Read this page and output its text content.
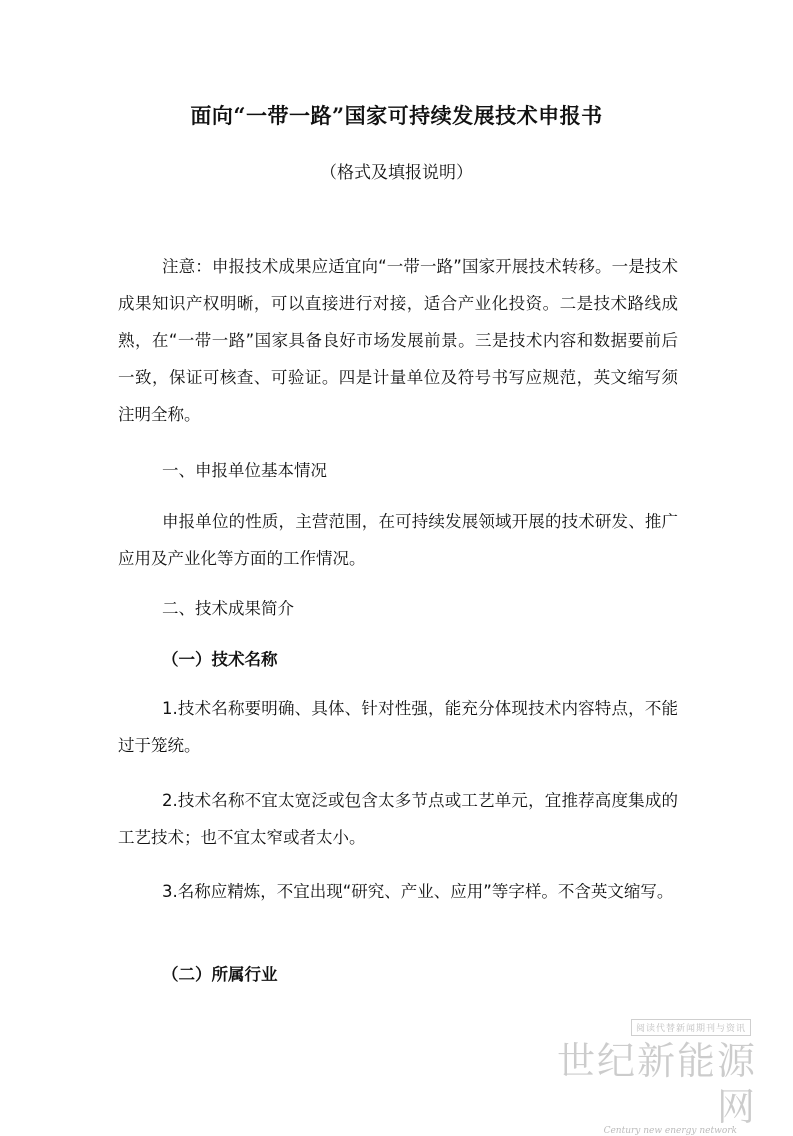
面向“一带一路”国家可持续发展技术申报书
（格式及填报说明）
注意：申报技术成果应适宜向“一带一路”国家开展技术转移。一是技术成果知识产权明晰，可以直接进行对接，适合产业化投资。二是技术路线成熟，在“一带一路”国家具备良好市场发展前景。三是技术内容和数据要前后一致，保证可核查、可验证。四是计量单位及符号书写应规范，英文缩写须注明全称。
一、申报单位基本情况
申报单位的性质，主营范围，在可持续发展领域开展的技术研发、推广应用及产业化等方面的工作情况。
二、技术成果简介
（一）技术名称
1.技术名称要明确、具体、针对性强，能充分体现技术内容特点，不能过于笼统。
2.技术名称不宜太宽泛或包含太多节点或工艺单元，宜推荐高度集成的工艺技术；也不宜太窄或者太小。
3.名称应精炼，不宜出现“研究、产业、应用”等字样。不含英文缩写。
（二）所属行业
阅读代替新闻期刊与资讯
世纪新能源网
Century new energy network
